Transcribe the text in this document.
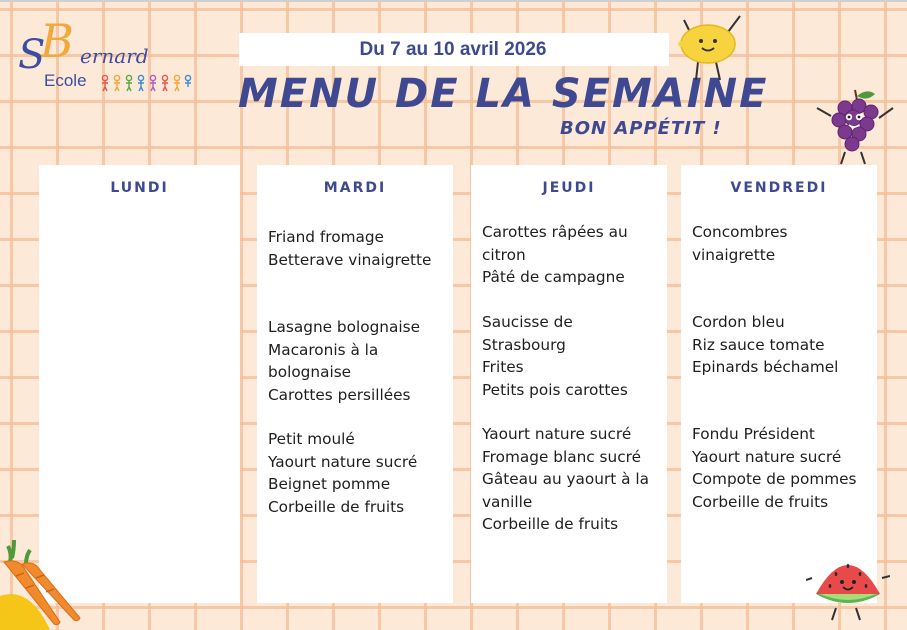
B
S ernard
Ecole
Du 7 au 10 avril 2026
MENU DE LA SEMAINE
BON APPÉTIT !
LUNDI	MARDI
Friand fromage
Betterave vinaigrette
Lasagne bolognaise
Macaronis à la
bolognaise
Carottes persillées
Petit moulé
Yaourt nature sucré
Beignet pomme
Corbeille de fruits
JEUDI
Carottes râpées au
citron
Pâté de campagne
Saucisse de Strasbourg
Frites
Petits pois carottes
Yaourt nature sucré
Fromage blanc sucré
Gâteau au yaourt à la
vanille
Corbeille de fruits
VENDREDI
Concombres
vinaigrette
Cordon bleu
Riz sauce tomate
Epinards béchamel
Fondu Président
Yaourt nature sucré
Compote de pommes
Corbeille de fruits
